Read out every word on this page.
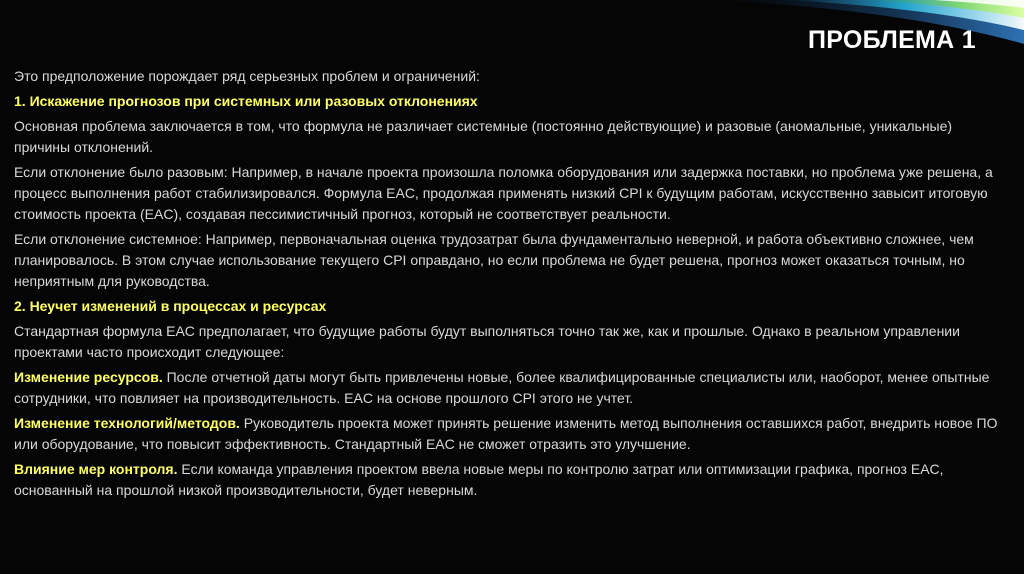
ПРОБЛЕМА 1

Это предположение порождает ряд серьезных проблем и ограничений:

1. Искажение прогнозов при системных или разовых отклонениях

Основная проблема заключается в том, что формула не различает системные (постоянно действующие) и разовые (аномальные, уникальные) причины отклонений.

Если отклонение было разовым: Например, в начале проекта произошла поломка оборудования или задержка поставки, но проблема уже решена, а процесс выполнения работ стабилизировался. Формула EAC, продолжая применять низкий CPI к будущим работам, искусственно завысит итоговую стоимость проекта (EAC), создавая пессимистичный прогноз, который не соответствует реальности.

Если отклонение системное: Например, первоначальная оценка трудозатрат была фундаментально неверной, и работа объективно сложнее, чем планировалось. В этом случае использование текущего CPI оправдано, но если проблема не будет решена, прогноз может оказаться точным, но неприятным для руководства.

2. Неучет изменений в процессах и ресурсах

Стандартная формула EAC предполагает, что будущие работы будут выполняться точно так же, как и прошлые. Однако в реальном управлении проектами часто происходит следующее:

Изменение ресурсов. После отчетной даты могут быть привлечены новые, более квалифицированные специалисты или, наоборот, менее опытные сотрудники, что повлияет на производительность. EAC на основе прошлого CPI этого не учтет.

Изменение технологий/методов. Руководитель проекта может принять решение изменить метод выполнения оставшихся работ, внедрить новое ПО или оборудование, что повысит эффективность. Стандартный EAC не сможет отразить это улучшение.

Влияние мер контроля. Если команда управления проектом ввела новые меры по контролю затрат или оптимизации графика, прогноз EAC, основанный на прошлой низкой производительности, будет неверным.
